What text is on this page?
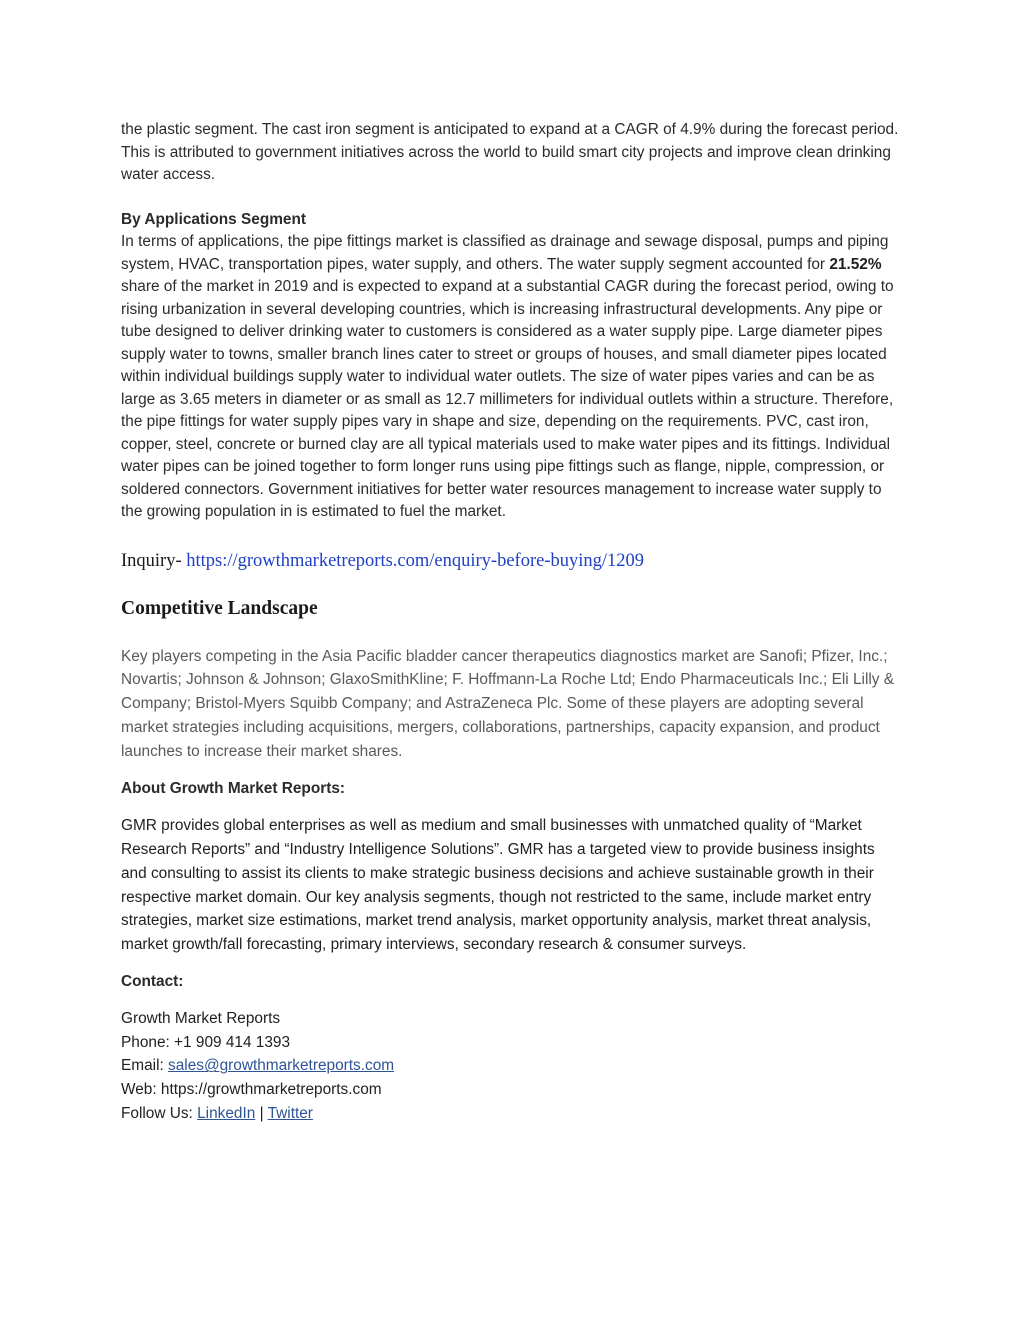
the plastic segment. The cast iron segment is anticipated to expand at a CAGR of 4.9% during the forecast period. This is attributed to government initiatives across the world to build smart city projects and improve clean drinking water access.

By Applications Segment

In terms of applications, the pipe fittings market is classified as drainage and sewage disposal, pumps and piping system, HVAC, transportation pipes, water supply, and others. The water supply segment accounted for 21.52% share of the market in 2019 and is expected to expand at a substantial CAGR during the forecast period, owing to rising urbanization in several developing countries, which is increasing infrastructural developments. Any pipe or tube designed to deliver drinking water to customers is considered as a water supply pipe. Large diameter pipes supply water to towns, smaller branch lines cater to street or groups of houses, and small diameter pipes located within individual buildings supply water to individual water outlets. The size of water pipes varies and can be as large as 3.65 meters in diameter or as small as 12.7 millimeters for individual outlets within a structure. Therefore, the pipe fittings for water supply pipes vary in shape and size, depending on the requirements. PVC, cast iron, copper, steel, concrete or burned clay are all typical materials used to make water pipes and its fittings. Individual water pipes can be joined together to form longer runs using pipe fittings such as flange, nipple, compression, or soldered connectors. Government initiatives for better water resources management to increase water supply to the growing population in is estimated to fuel the market.

Inquiry- https://growthmarketreports.com/enquiry-before-buying/1209

Competitive Landscape

Key players competing in the Asia Pacific bladder cancer therapeutics diagnostics market are Sanofi; Pfizer, Inc.; Novartis; Johnson & Johnson; GlaxoSmithKline; F. Hoffmann-La Roche Ltd; Endo Pharmaceuticals Inc.; Eli Lilly & Company; Bristol-Myers Squibb Company; and AstraZeneca Plc. Some of these players are adopting several market strategies including acquisitions, mergers, collaborations, partnerships, capacity expansion, and product launches to increase their market shares.

About Growth Market Reports:

GMR provides global enterprises as well as medium and small businesses with unmatched quality of “Market Research Reports” and “Industry Intelligence Solutions”. GMR has a targeted view to provide business insights and consulting to assist its clients to make strategic business decisions and achieve sustainable growth in their respective market domain. Our key analysis segments, though not restricted to the same, include market entry strategies, market size estimations, market trend analysis, market opportunity analysis, market threat analysis, market growth/fall forecasting, primary interviews, secondary research & consumer surveys.

Contact:

Growth Market Reports

Phone: +1 909 414 1393

Email: sales@growthmarketreports.com

Web: https://growthmarketreports.com

Follow Us: LinkedIn | Twitter
